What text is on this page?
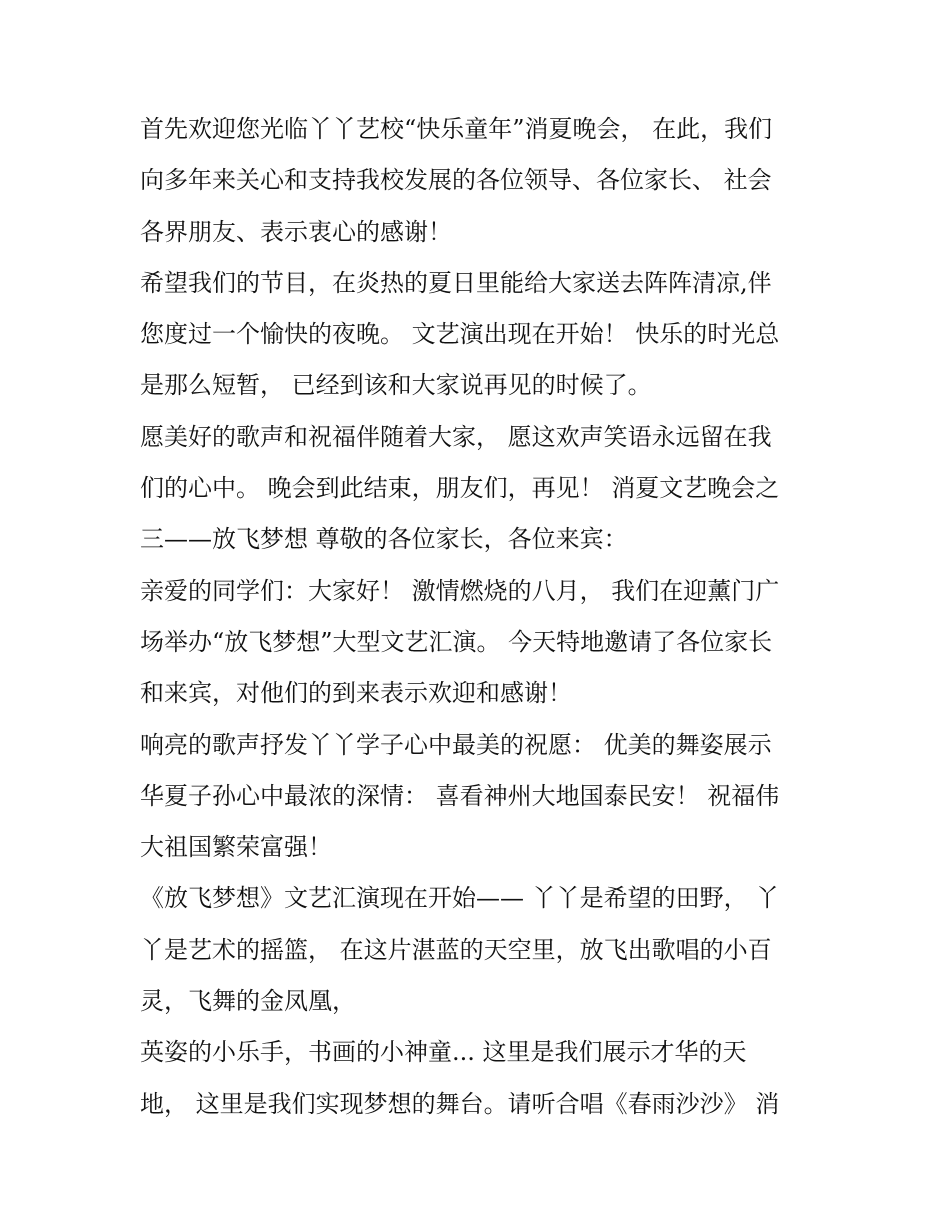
首先欢迎您光临丫丫艺校“快乐童年”消夏晚会， 在此，我们
向多年来关心和支持我校发展的各位领导、各位家长、 社会
各界朋友、表示衷心的感谢！
希望我们的节目，在炎热的夏日里能给大家送去阵阵清凉,伴
您度过一个愉快的夜晚。 文艺演出现在开始！ 快乐的时光总
是那么短暂， 已经到该和大家说再见的时候了。
愿美好的歌声和祝福伴随着大家， 愿这欢声笑语永远留在我
们的心中。 晚会到此结束，朋友们，再见！ 消夏文艺晚会之
三——放飞梦想 尊敬的各位家长，各位来宾：
亲爱的同学们：大家好！ 激情燃烧的八月， 我们在迎薰门广
场举办“放飞梦想”大型文艺汇演。 今天特地邀请了各位家长
和来宾，对他们的到来表示欢迎和感谢！
响亮的歌声抒发丫丫学子心中最美的祝愿： 优美的舞姿展示
华夏子孙心中最浓的深情： 喜看神州大地国泰民安！ 祝福伟
大祖国繁荣富强！
《放飞梦想》文艺汇演现在开始—— 丫丫是希望的田野， 丫
丫是艺术的摇篮， 在这片湛蓝的天空里，放飞出歌唱的小百
灵，飞舞的金凤凰，
英姿的小乐手，书画的小神童... 这里是我们展示才华的天
地， 这里是我们实现梦想的舞台。请听合唱《春雨沙沙》 消
